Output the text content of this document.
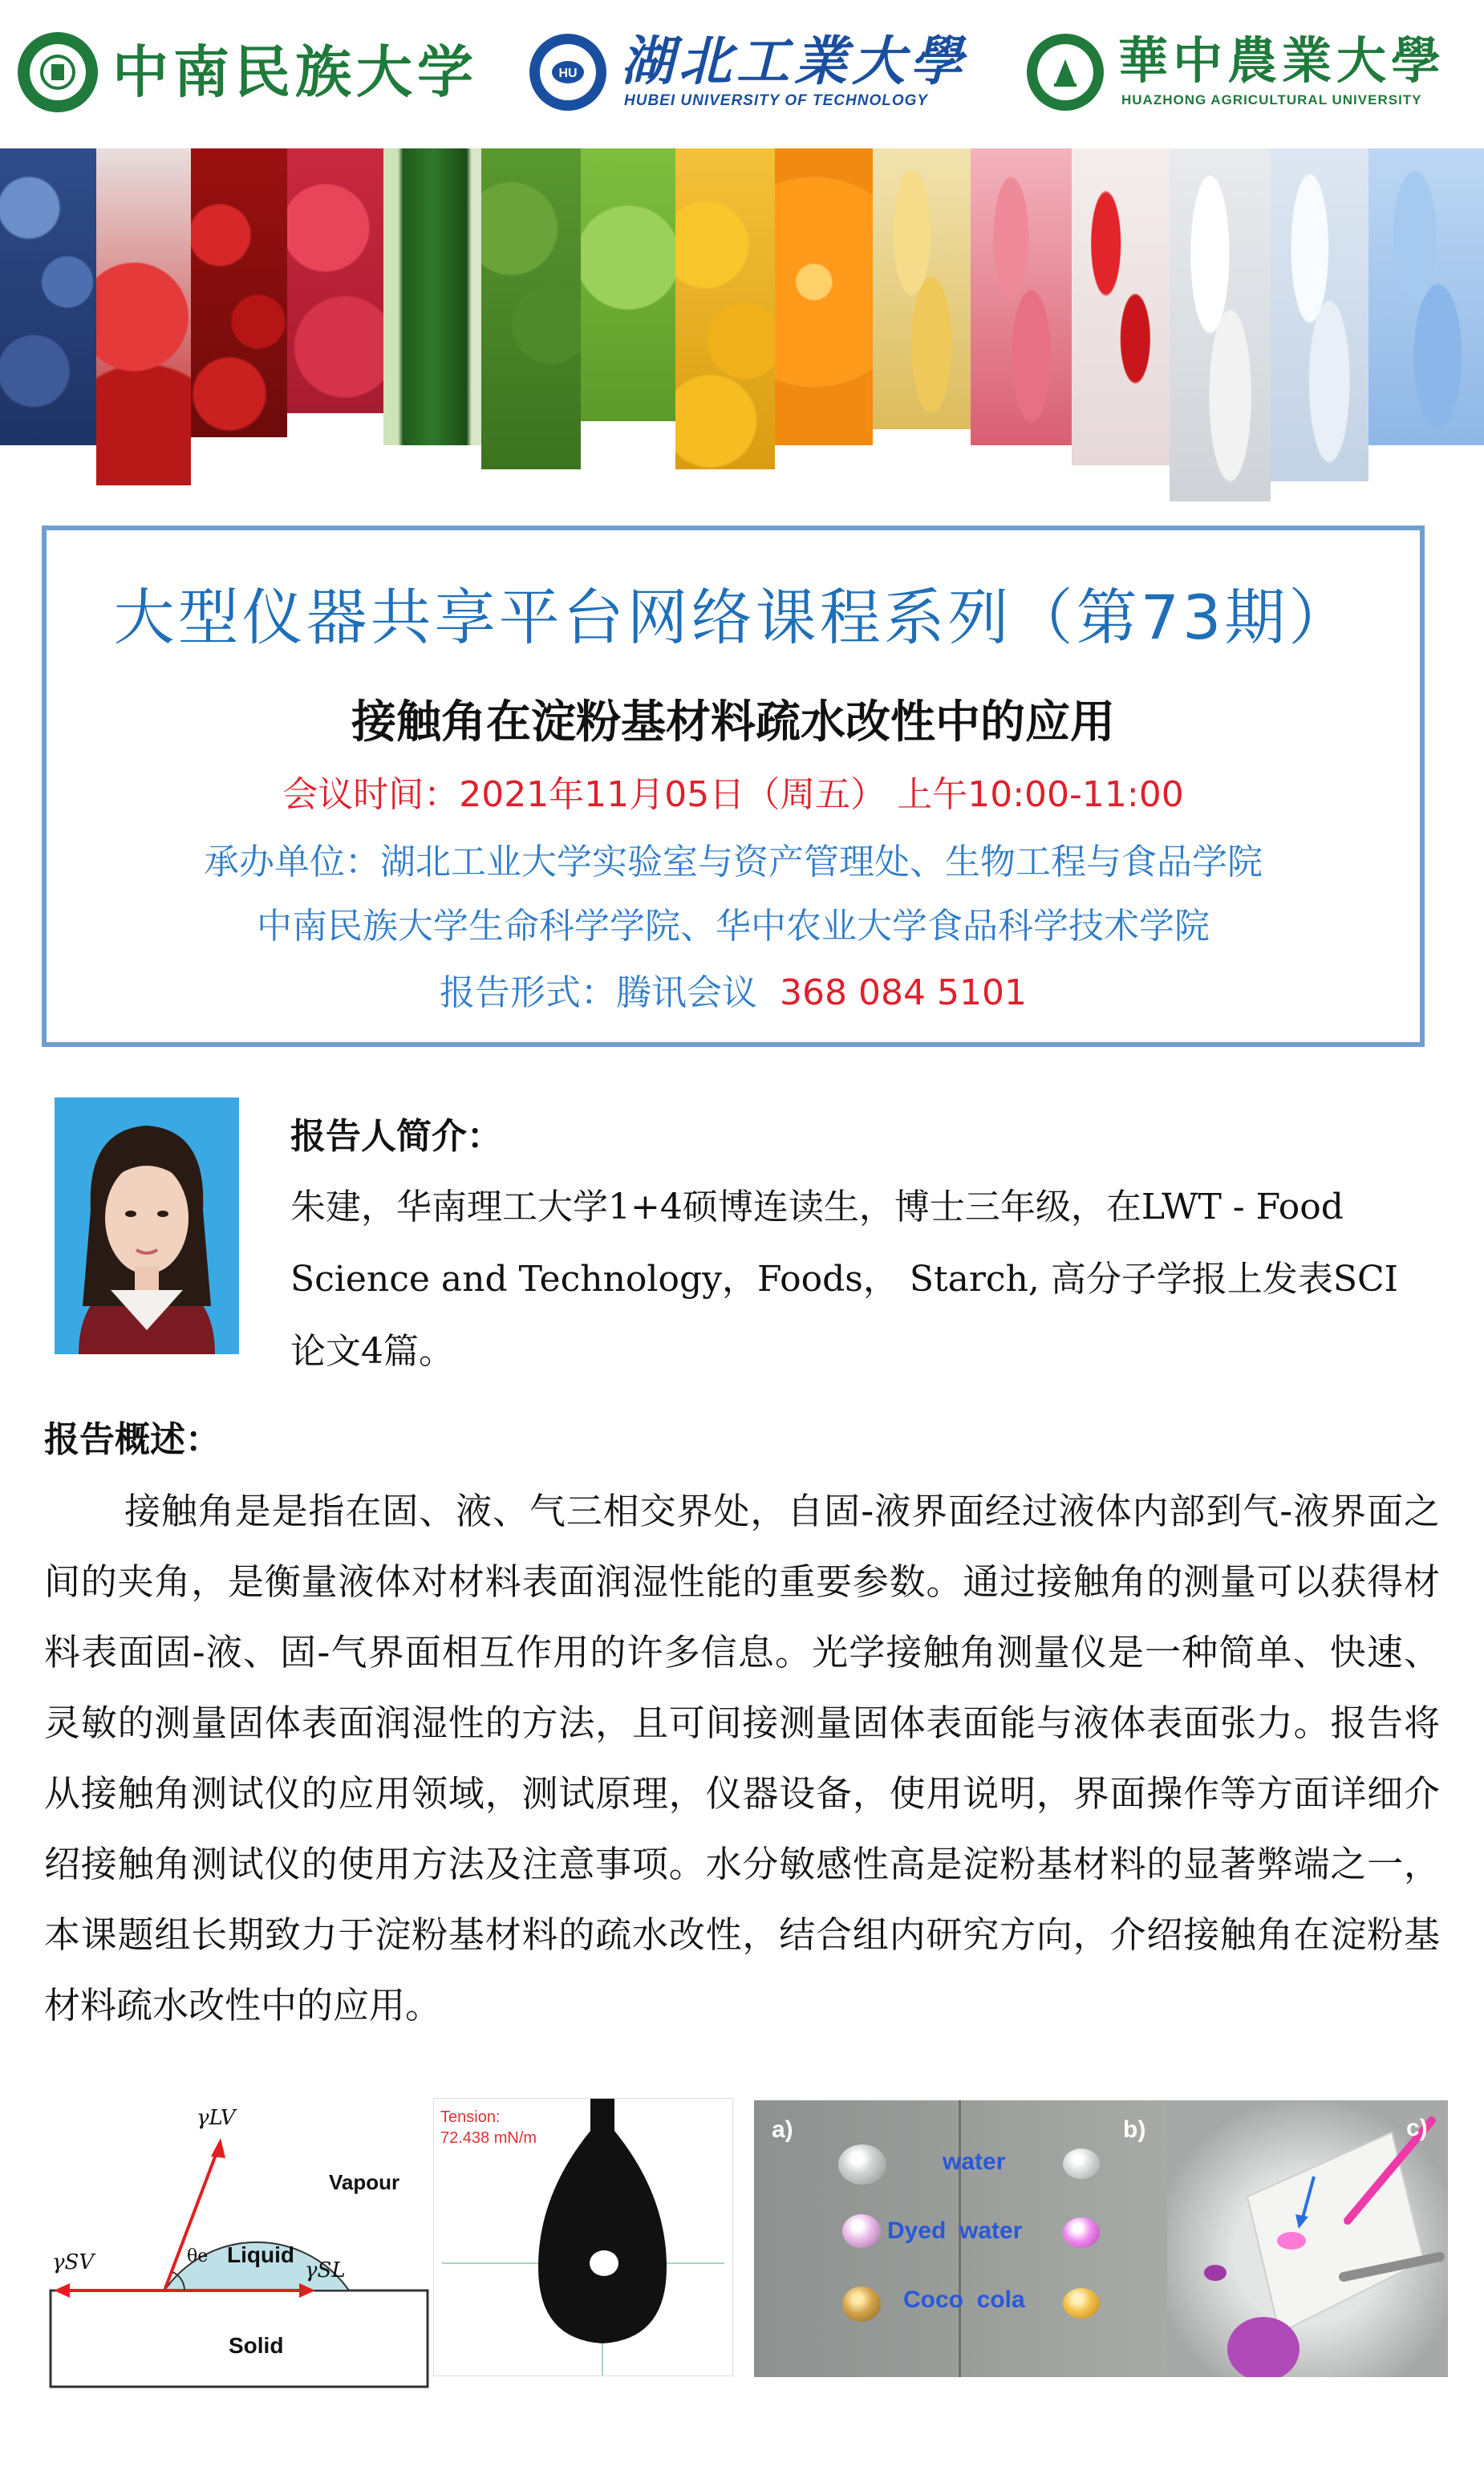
中南民族大学	HU 湖北工業大學
HUBEI UNIVERSITY OF TECHNOLOGY
華中農業大學
HUAZHONG AGRICULTURAL UNIVERSITY
大型仪器共享平台网络课程系列（第73期）
接触角在淀粉基材料疏水改性中的应用
会议时间：2021年11月05日（周五） 上午10:00-11:00
承办单位：湖北工业大学实验室与资产管理处、生物工程与食品学院
中南民族大学生命科学学院、华中农业大学食品科学技术学院
报告形式：腾讯会议 368 084 5101
报告人简介：
朱建，华南理工大学1+4硕博连读生，博士三年级，在LWT - Food Science and Technology，Foods， Starch, 高分子学报上发表SCI论文4篇。
报告概述：
接触角是是指在固、液、气三相交界处，自固-液界面经过液体内部到气-液界面之间的夹角，是衡量液体对材料表面润湿性能的重要参数。通过接触角的测量可以获得材料表面固-液、固-气界面相互作用的许多信息。光学接触角测量仪是一种简单、快速、灵敏的测量固体表面润湿性的方法，且可间接测量固体表面能与液体表面张力。报告将从接触角测试仪的应用领域，测试原理，仪器设备，使用说明，界面操作等方面详细介绍接触角测试仪的使用方法及注意事项。水分敏感性高是淀粉基材料的显著弊端之一，本课题组长期致力于淀粉基材料的疏水改性，结合组内研究方向，介绍接触角在淀粉基材料疏水改性中的应用。
γLV
γSV	γSL
θe
Vapour
Liquid
Solid
Tension:
72.438 mN/m	a)	b)
water
Dyed  water
Coco  cola
c)
